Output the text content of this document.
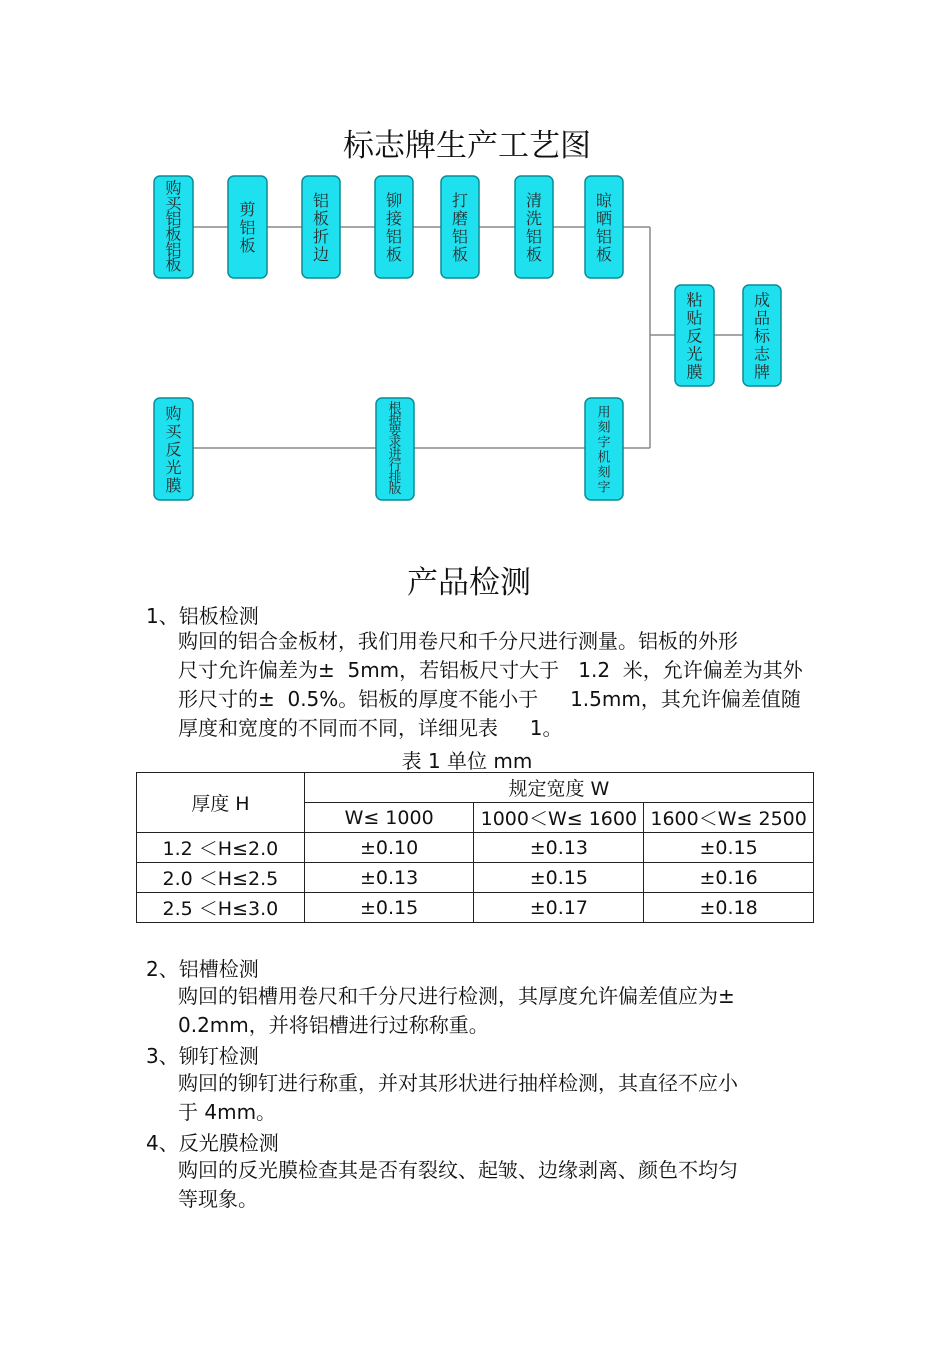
标志牌生产工艺图
购买铝板铝板
剪铝板
铝板折边
铆接铝板
打磨铝板
清洗铝板
晾晒铝板
粘贴反光膜
成品标志牌
购买反光膜
根据要求进行排版
用刻字机刻字
产品检测
1、铝板检测
购回的铝合金板材，我们用卷尺和千分尺进行测量。铝板的外形
尺寸允许偏差为±  5mm，若铝板尺寸大于   1.2  米，允许偏差为其外
形尺寸的±  0.5%。铝板的厚度不能小于     1.5mm，其允许偏差值随
厚度和宽度的不同而不同，详细见表     1。
表 1 单位 mm
厚度 H	规定宽度 W		
	W≤ 1000	1000＜W≤ 1600	1600＜W≤ 2500
1.2 ＜H≤2.0	±0.10	±0.13	±0.15
2.0 ＜H≤2.5	±0.13	±0.15	±0.16
2.5 ＜H≤3.0	±0.15	±0.17	±0.18
2、铝槽检测
购回的铝槽用卷尺和千分尺进行检测，其厚度允许偏差值应为±
0.2mm，并将铝槽进行过称称重。
3、铆钉检测
购回的铆钉进行称重，并对其形状进行抽样检测，其直径不应小
于 4mm。
4、反光膜检测
购回的反光膜检查其是否有裂纹、起皱、边缘剥离、颜色不均匀
等现象。
